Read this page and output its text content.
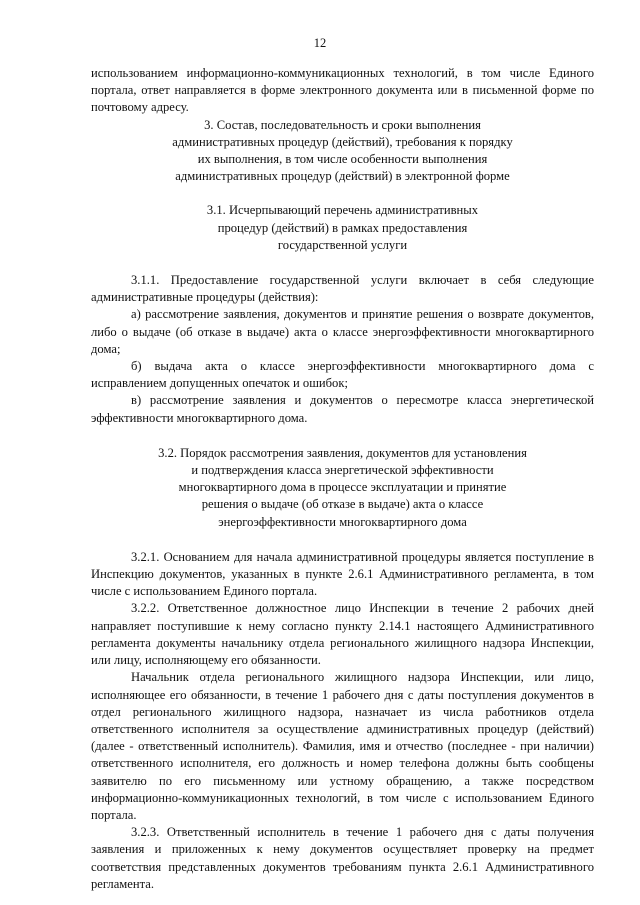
12

использованием информационно-коммуникационных технологий, в том числе Единого портала, ответ направляется в форме электронного документа или в письменной форме по почтовому адресу.

3. Состав, последовательность и сроки выполнения
административных процедур (действий), требования к порядку
их выполнения, в том числе особенности выполнения
административных процедур (действий) в электронной форме
3.1. Исчерпывающий перечень административных
процедур (действий) в рамках предоставления
государственной услуги

3.1.1. Предоставление государственной услуги включает в себя следующие административные процедуры (действия):

а) рассмотрение заявления, документов и принятие решения о возврате документов, либо о выдаче (об отказе в выдаче) акта о классе энергоэффективности многоквартирного дома;

б) выдача акта о классе энергоэффективности многоквартирного дома с исправлением допущенных опечаток и ошибок;

в) рассмотрение заявления и документов о пересмотре класса энергетической эффективности многоквартирного дома.

3.2. Порядок рассмотрения заявления, документов для установления
и подтверждения класса энергетической эффективности
многоквартирного дома в процессе эксплуатации и принятие
решения о выдаче (об отказе в выдаче) акта о классе
энергоэффективности многоквартирного дома

3.2.1. Основанием для начала административной процедуры является поступление в Инспекцию документов, указанных в пункте 2.6.1 Административного регламента, в том числе с использованием Единого портала.

3.2.2. Ответственное должностное лицо Инспекции в течение 2 рабочих дней направляет поступившие к нему согласно пункту 2.14.1 настоящего Административного регламента документы начальнику отдела регионального жилищного надзора Инспекции, или лицу, исполняющему его обязанности.

Начальник отдела регионального жилищного надзора Инспекции, или лицо, исполняющее его обязанности, в течение 1 рабочего дня с даты поступления документов в отдел регионального жилищного надзора, назначает из числа работников отдела ответственного исполнителя за осуществление административных процедур (действий) (далее - ответственный исполнитель). Фамилия, имя и отчество (последнее - при наличии) ответственного исполнителя, его должность и номер телефона должны быть сообщены заявителю по его письменному или устному обращению, а также посредством информационно-коммуникационных технологий, в том числе с использованием Единого портала.

3.2.3. Ответственный исполнитель в течение 1 рабочего дня с даты получения заявления и приложенных к нему документов осуществляет проверку на предмет соответствия представленных документов требованиям пункта 2.6.1 Административного регламента.
